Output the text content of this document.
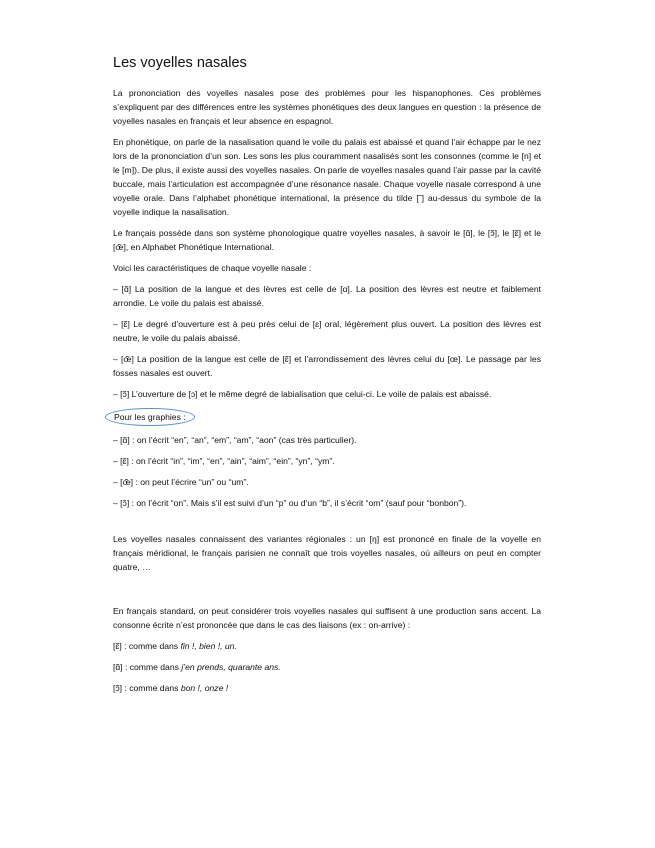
Les voyelles nasales

La prononciation des voyelles nasales pose des problèmes pour les hispanophones. Ces problèmes s’expliquent par des différences entre les systèmes phonétiques des deux langues en question : la présence de voyelles nasales en français et leur absence en espagnol.

En phonétique, on parle de la nasalisation quand le voile du palais est abaissé et quand l’air échappe par le nez lors de la prononciation d’un son. Les sons les plus couramment nasalisés sont les consonnes (comme le [n] et le [m]). De plus, il existe aussi des voyelles nasales. On parle de voyelles nasales quand l’air passe par la cavité buccale, mais l’articulation est accompagnée d’une résonance nasale. Chaque voyelle nasale correspond à une voyelle orale. Dans l’alphabet phonétique international, la présence du tilde [˜] au-dessus du symbole de la voyelle indique la nasalisation.

Le français possède dans son système phonologique quatre voyelles nasales, à savoir le [ɑ̃], le [ɔ̃], le [ɛ̃] et le [œ̃], en Alphabet Phonétique International.

Voici les caractéristiques de chaque voyelle nasale :

– [ɑ̃] La position de la langue et des lèvres est celle de [ɑ]. La position des lèvres est neutre et faiblement arrondie. Le voile du palais est abaissé.

– [ɛ̃] Le degré d’ouverture est à peu près celui de [ɛ] oral, légèrement plus ouvert. La position des lèvres est neutre, le voile du palais abaissé.

– [œ̃] La position de la langue est celle de [ɛ̃] et l’arrondissement des lèvres celui du [œ]. Le passage par les fosses nasales est ouvert.

– [ɔ̃] L’ouverture de [ɔ] et le même degré de labialisation que celui-ci. Le voile de palais est abaissé.

Pour les graphies :

– [ɑ̃] : on l’écrit “en”, “an”, “em”, “am”, “aon” (cas très particulier).

– [ɛ̃] : on l’écrit “in”, “im”, “en”, “ain”, “aim”, “ein”, “yn”, “ym”.

– [œ̃] : on peut l’écrire “un” ou “um”.

– [ɔ̃] : on l’écrit “on”. Mais s’il est suivi d’un “p” ou d’un “b”, il s’écrit “om” (sauf pour “bonbon”).

Les voyelles nasales connaissent des variantes régionales : un [ŋ] est prononcé en finale de la voyelle en français méridional, le français parisien ne connaît que trois voyelles nasales, où ailleurs on peut en compter quatre, …

En français standard, on peut considérer trois voyelles nasales qui suffisent à une production sans accent. La consonne écrite n’est prononcée que dans le cas des liaisons (ex : on-arrive) :

[ɛ̃] : comme dans fin !, bien !, un.

[ɑ̃] : comme dans j’en prends, quarante ans.

[ɔ̃] : comme dans bon !, onze !
